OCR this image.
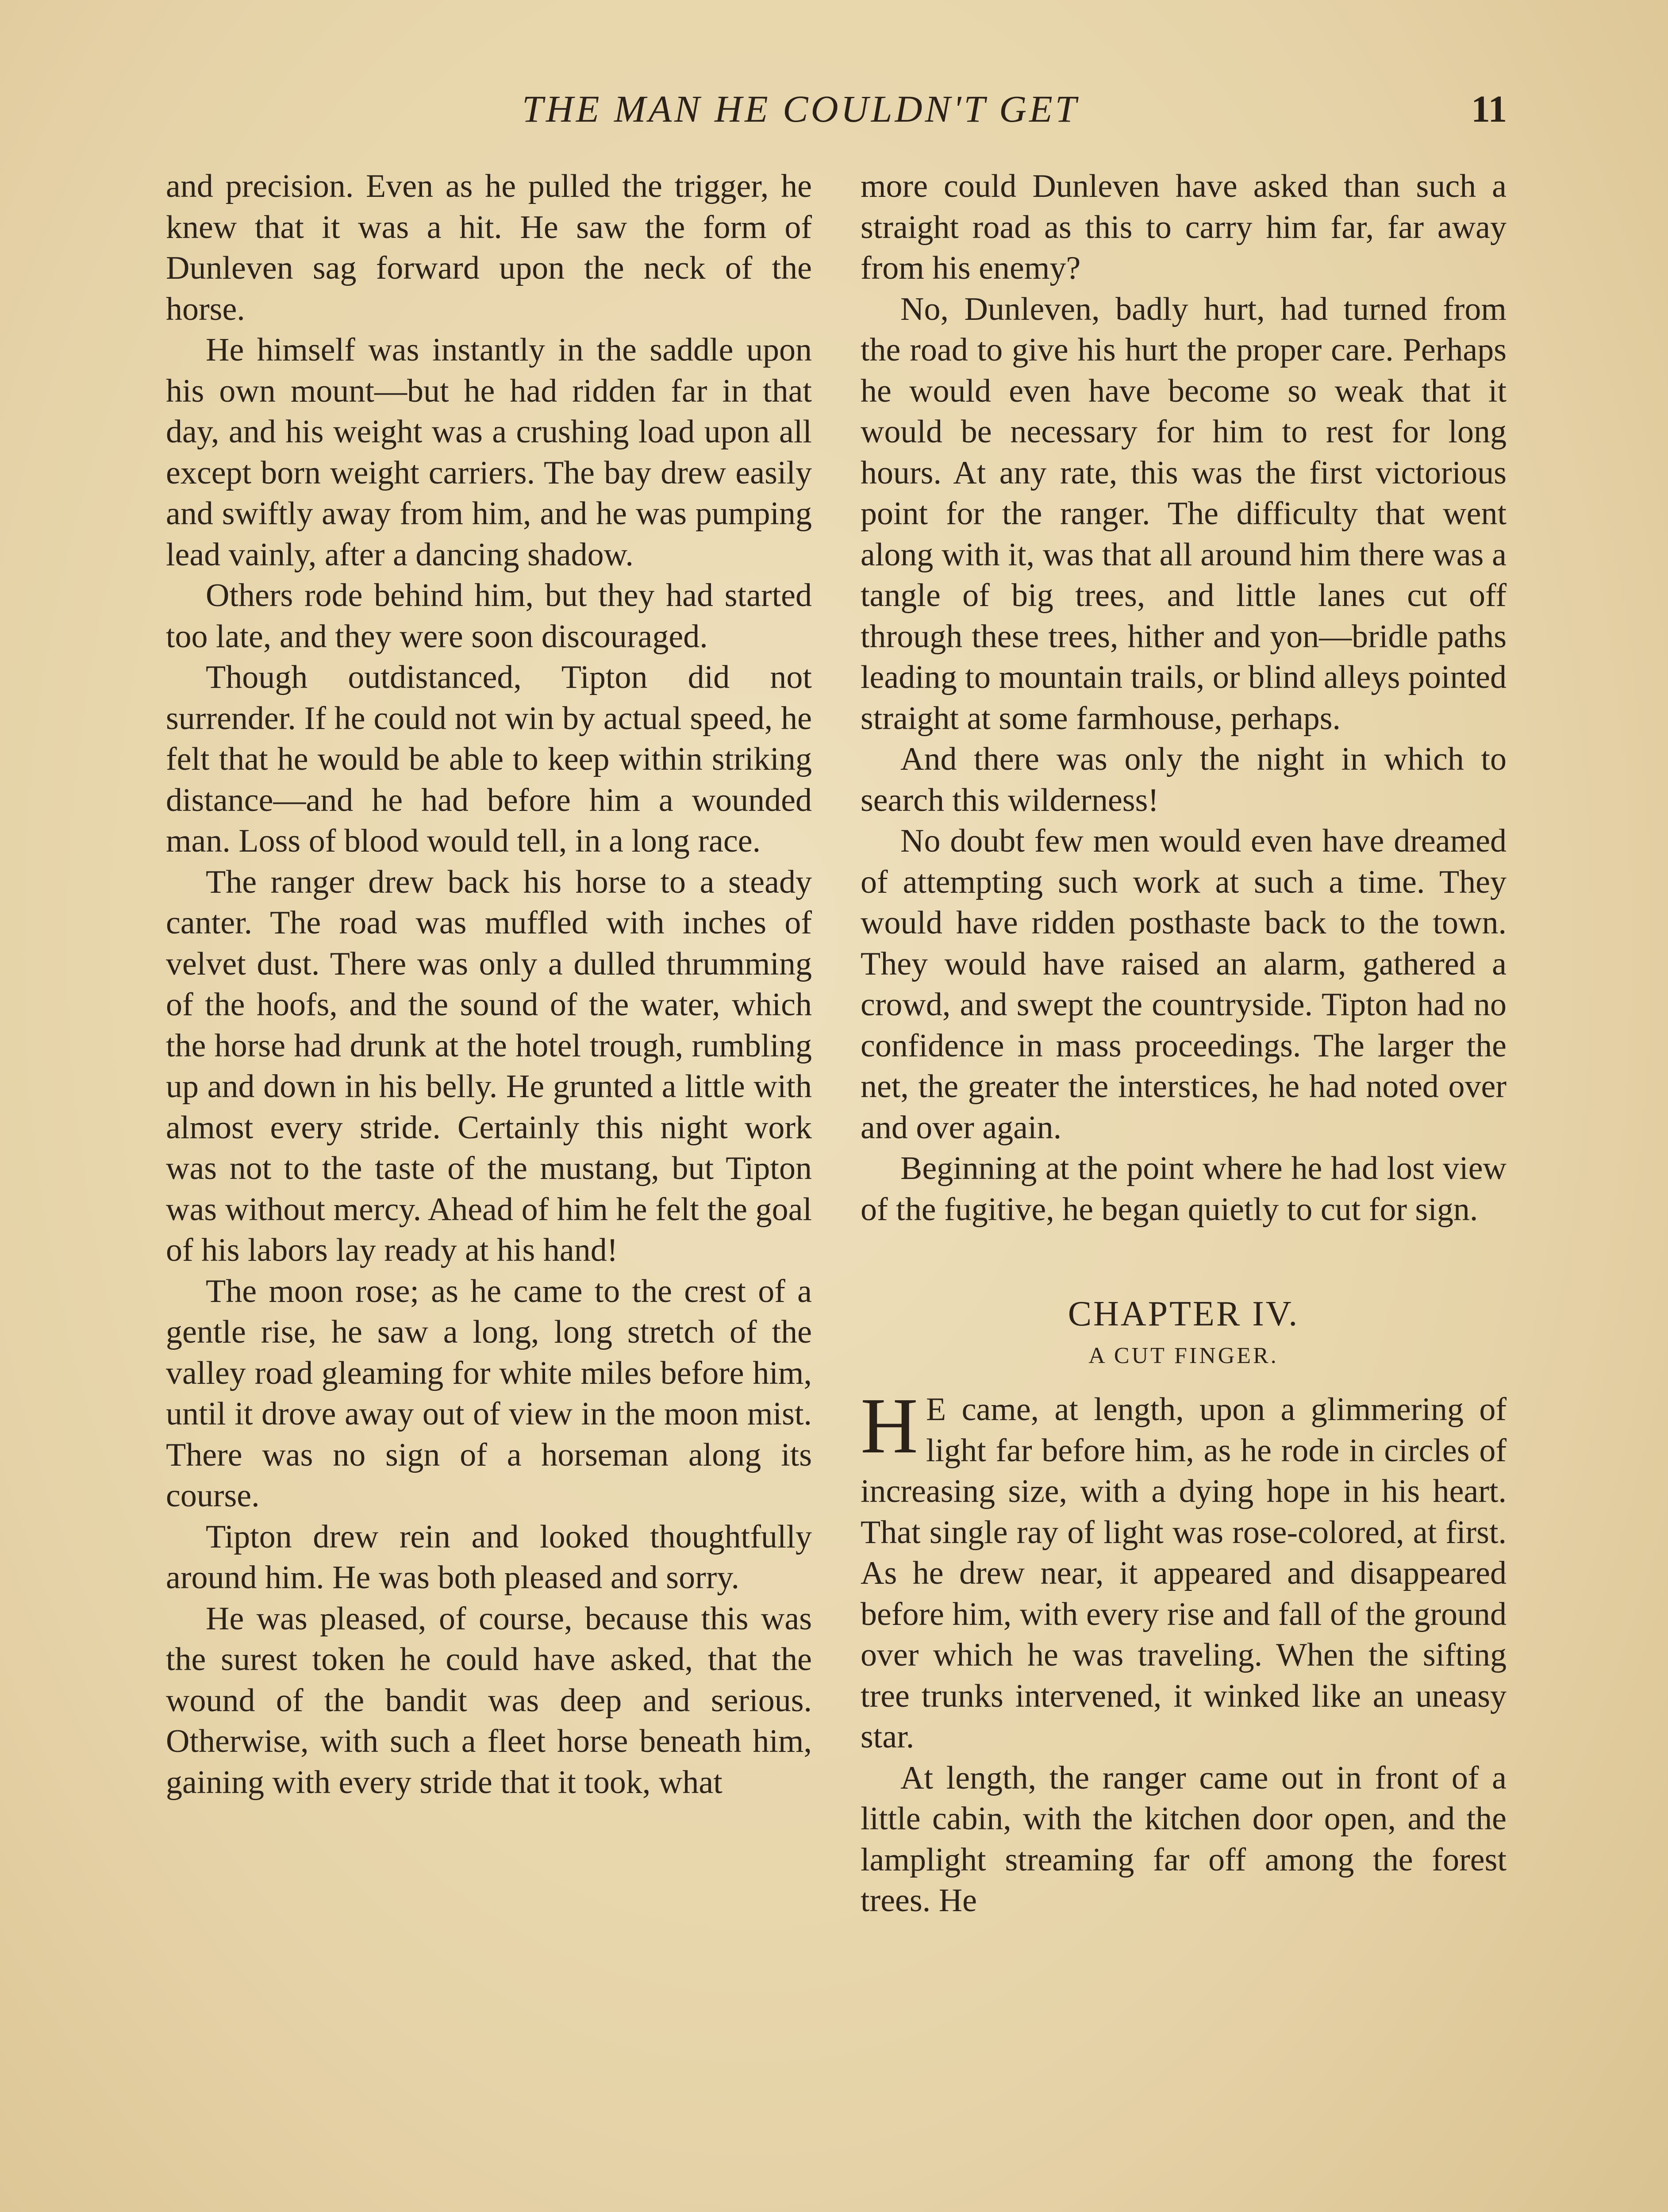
THE MAN HE COULDN'T GET	11

and precision. Even as he pulled the trigger, he knew that it was a hit. He saw the form of Dunleven sag forward upon the neck of the horse.

He himself was instantly in the saddle upon his own mount—but he had ridden far in that day, and his weight was a crushing load upon all except born weight carriers. The bay drew easily and swiftly away from him, and he was pumping lead vainly, after a dancing shadow.

Others rode behind him, but they had started too late, and they were soon discouraged.

Though outdistanced, Tipton did not surrender. If he could not win by actual speed, he felt that he would be able to keep within striking distance—and he had before him a wounded man. Loss of blood would tell, in a long race.

The ranger drew back his horse to a steady canter. The road was muffled with inches of velvet dust. There was only a dulled thrumming of the hoofs, and the sound of the water, which the horse had drunk at the hotel trough, rumbling up and down in his belly. He grunted a little with almost every stride. Certainly this night work was not to the taste of the mustang, but Tipton was without mercy. Ahead of him he felt the goal of his labors lay ready at his hand!

The moon rose; as he came to the crest of a gentle rise, he saw a long, long stretch of the valley road gleaming for white miles before him, until it drove away out of view in the moon mist. There was no sign of a horseman along its course.

Tipton drew rein and looked thoughtfully around him. He was both pleased and sorry.

He was pleased, of course, because this was the surest token he could have asked, that the wound of the bandit was deep and serious. Otherwise, with such a fleet horse beneath him, gaining with every stride that it took, what

more could Dunleven have asked than such a straight road as this to carry him far, far away from his enemy?

No, Dunleven, badly hurt, had turned from the road to give his hurt the proper care. Perhaps he would even have become so weak that it would be necessary for him to rest for long hours. At any rate, this was the first victorious point for the ranger. The difficulty that went along with it, was that all around him there was a tangle of big trees, and little lanes cut off through these trees, hither and yon—bridle paths leading to mountain trails, or blind alleys pointed straight at some farmhouse, perhaps.

And there was only the night in which to search this wilderness!

No doubt few men would even have dreamed of attempting such work at such a time. They would have ridden posthaste back to the town. They would have raised an alarm, gathered a crowd, and swept the countryside. Tipton had no confidence in mass proceedings. The larger the net, the greater the interstices, he had noted over and over again.

Beginning at the point where he had lost view of the fugitive, he began quietly to cut for sign.

CHAPTER IV.
A CUT FINGER.

H E came, at length, upon a glimmering of light far before him, as he rode in circles of increasing size, with a dying hope in his heart. That single ray of light was rose-colored, at first. As he drew near, it appeared and disappeared before him, with every rise and fall of the ground over which he was traveling. When the sifting tree trunks intervened, it winked like an uneasy star.

At length, the ranger came out in front of a little cabin, with the kitchen door open, and the lamplight streaming far off among the forest trees. He
